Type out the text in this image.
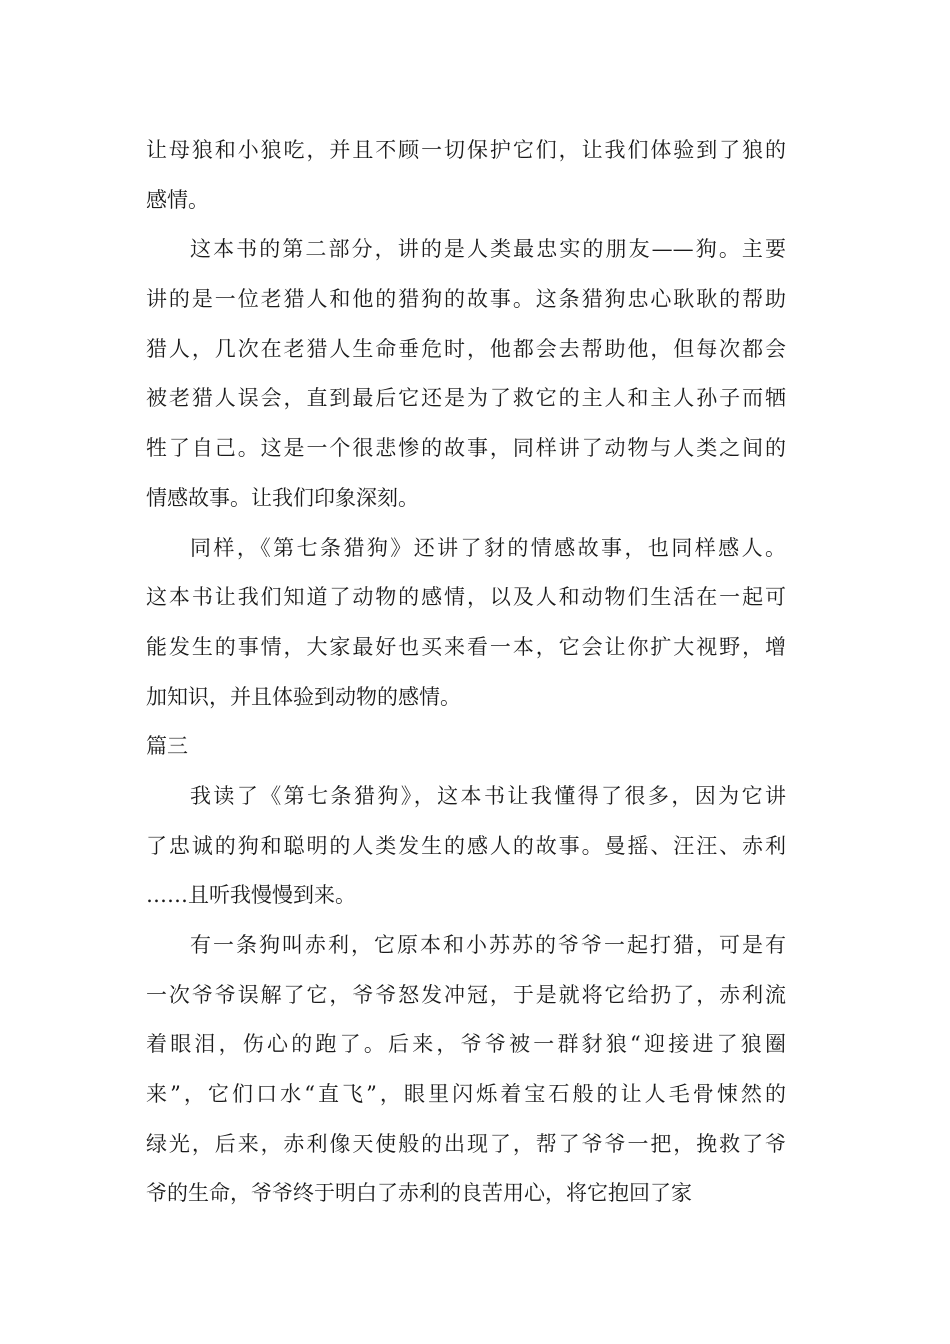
让母狼和小狼吃，并且不顾一切保护它们，让我们体验到了狼的
感情。
这本书的第二部分，讲的是人类最忠实的朋友——狗。主要
讲的是一位老猎人和他的猎狗的故事。这条猎狗忠心耿耿的帮助
猎人，几次在老猎人生命垂危时，他都会去帮助他，但每次都会
被老猎人误会，直到最后它还是为了救它的主人和主人孙子而牺
牲了自己。这是一个很悲惨的故事，同样讲了动物与人类之间的
情感故事。让我们印象深刻。
同样，《第七条猎狗》还讲了豺的情感故事，也同样感人。
这本书让我们知道了动物的感情，以及人和动物们生活在一起可
能发生的事情，大家最好也买来看一本，它会让你扩大视野，增
加知识，并且体验到动物的感情。
篇三
我读了《第七条猎狗》，这本书让我懂得了很多，因为它讲
了忠诚的狗和聪明的人类发生的感人的故事。曼摇、汪汪、赤利
……且听我慢慢到来。
有一条狗叫赤利，它原本和小苏苏的爷爷一起打猎，可是有
一次爷爷误解了它，爷爷怒发冲冠，于是就将它给扔了，赤利流
着眼泪，伤心的跑了。后来，爷爷被一群豺狼“迎接进了狼圈
来”，它们口水“直飞”，眼里闪烁着宝石般的让人毛骨悚然的
绿光，后来，赤利像天使般的出现了，帮了爷爷一把，挽救了爷
爷的生命，爷爷终于明白了赤利的良苦用心，将它抱回了家
